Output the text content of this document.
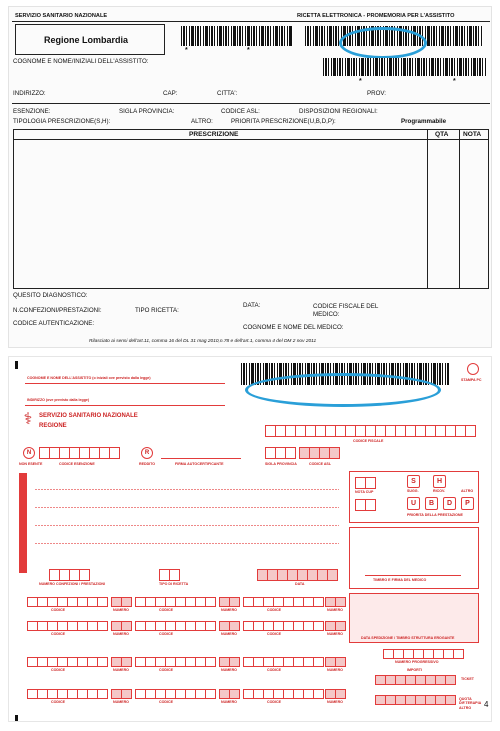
SERVIZIO SANITARIO NAZIONALE	RICETTA ELETTRONICA - PROMEMORIA PER L'ASSISTITO
Regione Lombardia
*	*
COGNOME E NOME/INIZIALI DELL'ASSISTITO:
*	*
INDIRIZZO:	CAP:	CITTA':	PROV:
ESENZIONE:	SIGLA PROVINCIA:	CODICE ASL:	DISPOSIZIONI REGIONALI:
TIPOLOGIA PRESCRIZIONE(S,H):	ALTRO:	PRIORITA PRESCRIZIONE(U,B,D,P):	Programmabile
PRESCRIZIONE	QTA NOTA
QUESITO DIAGNOSTICO:
N.CONFEZIONI/PRESTAZIONI:	TIPO RICETTA:
DATA:	CODICE FISCALE DEL MEDICO:
CODICE AUTENTICAZIONE:
COGNOME E NOME DEL MEDICO:
Rilasciato ai sensi dell'art.11, comma 16 del DL 31 mag 2010,n.78 e dell'art.1, comma 4 del DM 2 nov 2011
COGNOME E NOME DELL'ASSISTITO (o iniziali ove previsto dalla legge)
INDIRIZZO (ove previsto dalla legge)
STAMPA PC
⚕	SERVIZIO SANITARIO NAZIONALE
REGIONE
CODICE FISCALE
N
NON ESENTE	CODICE ESENZIONE
R
REDDITO	FIRMA AUTOCERTIFICANTE	SIGLA PROVINCIA	CODICE ASL
NOTA CUP
S	H
SUGG.	RICOV.	ALTRO
U	B	D	P
PRIORITA DELLA PRESTAZIONE
PRESCRIZIONE
NUMERO CONFEZIONI / PRESTAZIONI	TIPO DI RICETTA	DATA
TIMBRO E FIRMA DEL MEDICO
CODICE	NUMERO	CODICE	NUMERO	CODICE	NUMERO
CODICE	NUMERO	CODICE	NUMERO	CODICE	NUMERO
CODICE	NUMERO	CODICE	NUMERO	CODICE	NUMERO
CODICE	NUMERO	CODICE	NUMERO	CODICE	NUMERO
DATA SPEDIZIONE / TIMBRO STRUTTURA EROGANTE
NUMERO PROGRESSIVO
IMPORTI
TICKET
QUOTA DIF.TERAPIA ALTRO	4
